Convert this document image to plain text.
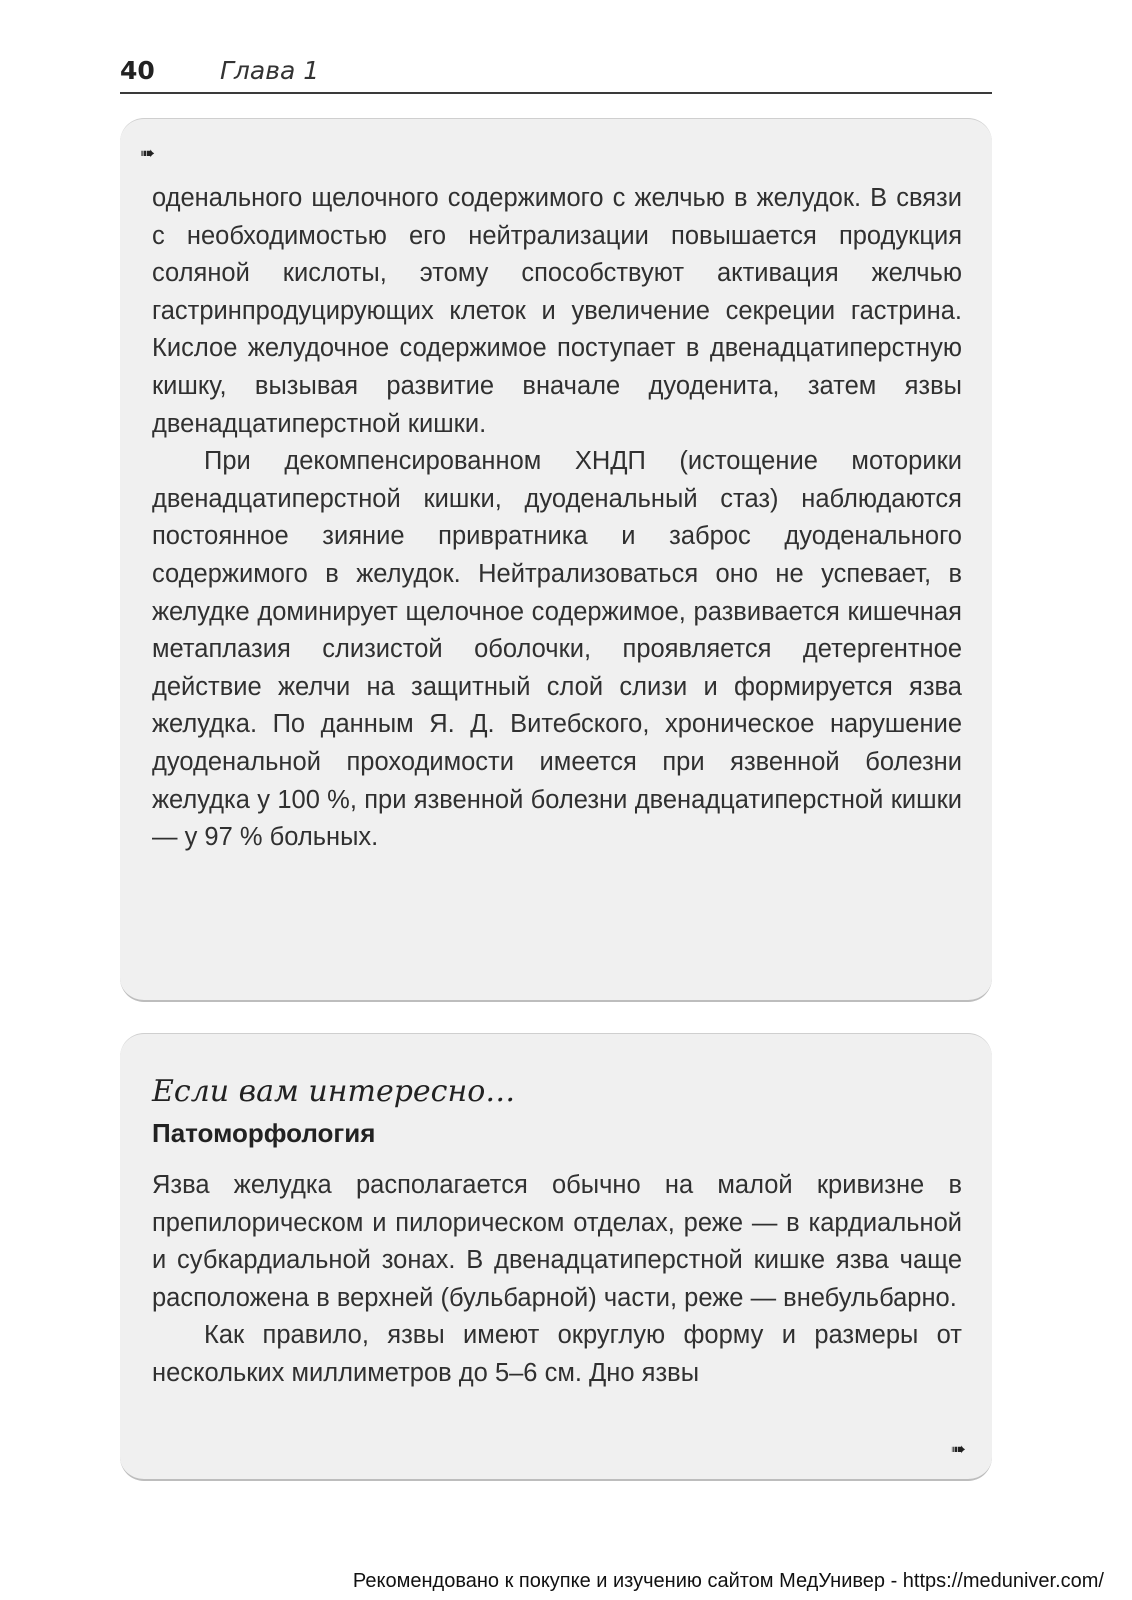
40	Глава 1
➠

оденального щелочного содержимого с желчью в желудок. В связи с необходимостью его нейтрализации повышается продукция соляной кислоты, этому способствуют активация желчью гастринпродуцирующих клеток и увеличение секреции гастрина. Кислое желудочное содержимое поступает в двенадцатиперстную кишку, вызывая развитие вначале дуоденита, затем язвы двенадцатиперстной кишки.

При декомпенсированном ХНДП (истощение моторики двенадцатиперстной кишки, дуоденальный стаз) наблюдаются постоянное зияние привратника и заброс дуоденального содержимого в желудок. Нейтрализоваться оно не успевает, в желудке доминирует щелочное содержимое, развивается кишечная метаплазия слизистой оболочки, проявляется детергентное действие желчи на защитный слой слизи и формируется язва желудка. По данным Я. Д. Витебского, хроническое нарушение дуоденальной проходимости имеется при язвенной болезни желудка у 100 %, при язвенной болезни двенадцатиперстной кишки — у 97 % больных.

Если вам интересно…
Патоморфология

Язва желудка располагается обычно на малой кривизне в препилорическом и пилорическом отделах, реже — в кардиальной и субкардиальной зонах. В двенадцатиперстной кишке язва чаще расположена в верхней (бульбарной) части, реже — внебульбарно.

Как правило, язвы имеют округлую форму и размеры от нескольких миллиметров до 5–6 см. Дно язвы

➠
Рекомендовано к покупке и изучению сайтом МедУнивер - https://meduniver.com/
